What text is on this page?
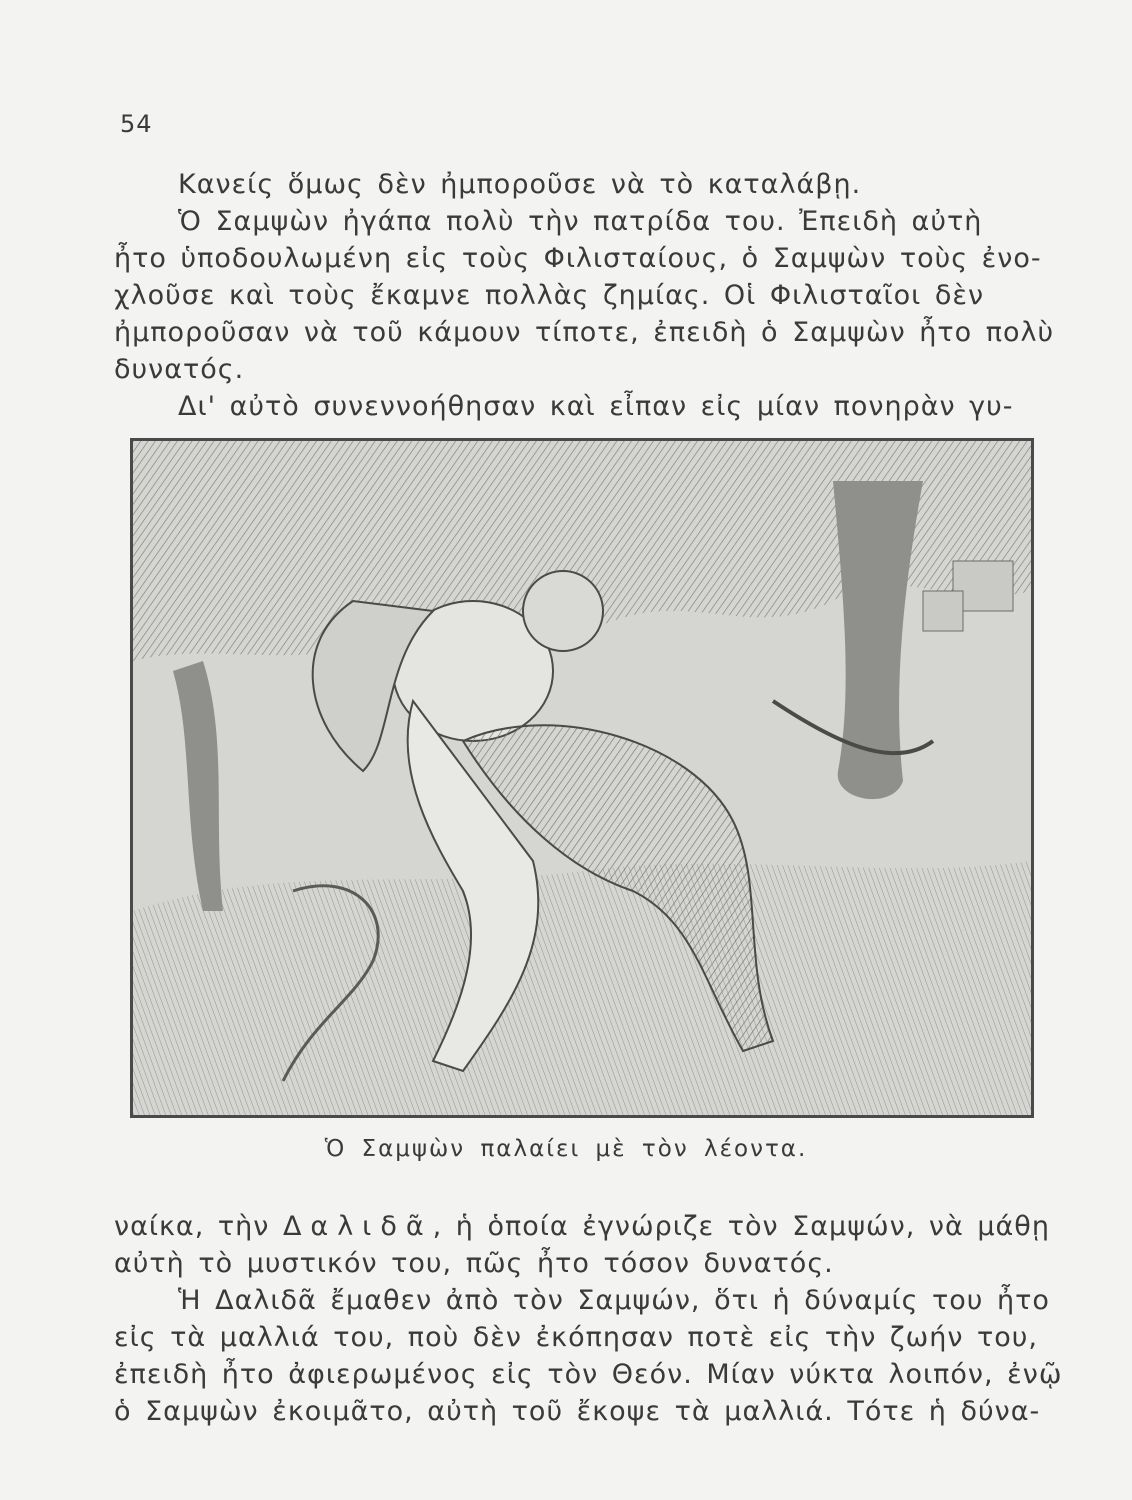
54

Κανείς ὅμως δὲν ἠμποροῦσε νὰ τὸ καταλάβῃ.

Ὁ Σαμψὼν ἠγάπα πολὺ τὴν πατρίδα του. Ἐπειδὴ αὐτὴ

ἦτο ὑποδουλωμένη εἰς τοὺς Φιλισταίους, ὁ Σαμψὼν τοὺς ἐνο-

χλοῦσε καὶ τοὺς ἔκαμνε πολλὰς ζημίας. Οἱ Φιλισταῖοι δὲν

ἠμποροῦσαν νὰ τοῦ κάμουν τίποτε, ἐπειδὴ ὁ Σαμψὼν ἦτο πολὺ

δυνατός.

Δι' αὐτὸ συνεννοήθησαν καὶ εἶπαν εἰς μίαν πονηρὰν γυ-

Ὁ Σαμψὼν παλαίει μὲ τὸν λέοντα.

ναίκα, τὴν Δαλιδᾶ, ἡ ὁποία ἐγνώριζε τὸν Σαμψών, νὰ μάθῃ

αὐτὴ τὸ μυστικόν του, πῶς ἦτο τόσον δυνατός.

Ἡ Δαλιδᾶ ἔμαθεν ἀπὸ τὸν Σαμψών, ὅτι ἡ δύναμίς του ἦτο

εἰς τὰ μαλλιά του, ποὺ δὲν ἐκόπησαν ποτὲ εἰς τὴν ζωήν του,

ἐπειδὴ ἦτο ἀφιερωμένος εἰς τὸν Θεόν. Μίαν νύκτα λοιπόν, ἐνῷ

ὁ Σαμψὼν ἐκοιμᾶτο, αὐτὴ τοῦ ἔκοψε τὰ μαλλιά. Τότε ἡ δύνα-
